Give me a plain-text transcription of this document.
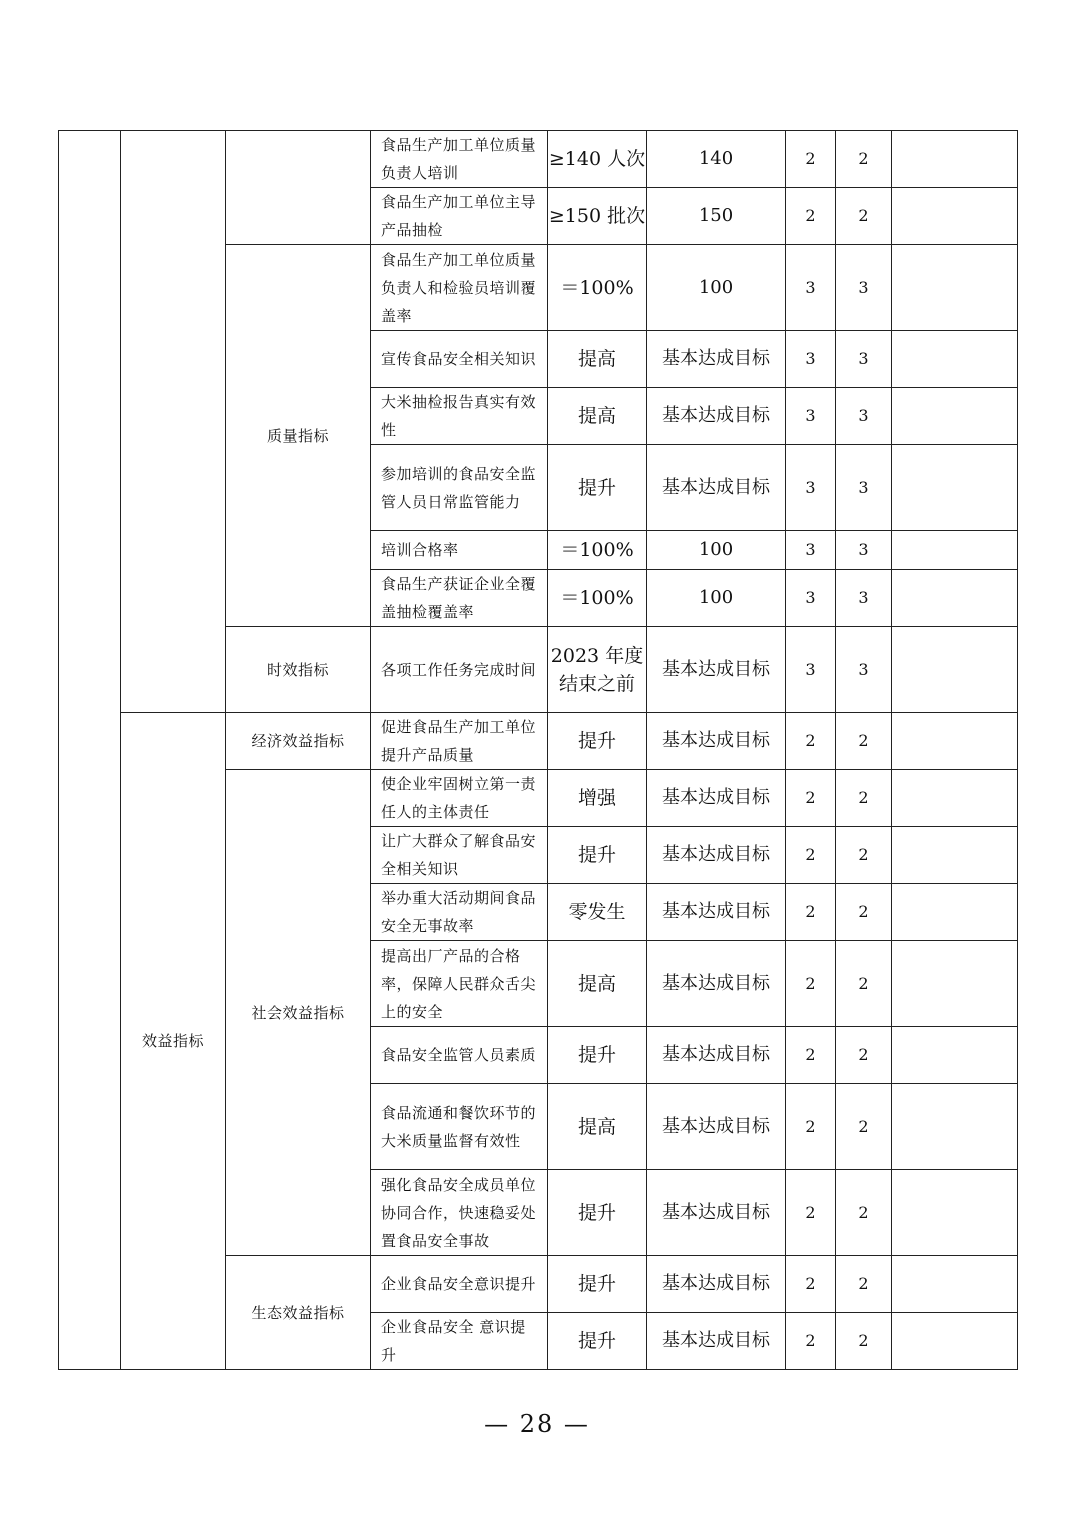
			食品生产加工单位质量负责人培训	≥140 人次	140	2	2	
			食品生产加工单位主导产品抽检	≥150 批次	150	2	2	
		质量指标	食品生产加工单位质量负责人和检验员培训覆盖率	＝100%	100	3	3	
			宣传食品安全相关知识	提高	基本达成目标	3	3	
			大米抽检报告真实有效性	提高	基本达成目标	3	3	
			参加培训的食品安全监管人员日常监管能力	提升	基本达成目标	3	3	
			培训合格率	＝100%	100	3	3	
			食品生产获证企业全覆盖抽检覆盖率	＝100%	100	3	3	
		时效指标	各项工作任务完成时间	2023 年度结束之前	基本达成目标	3	3	
	效益指标	经济效益指标	促进食品生产加工单位提升产品质量	提升	基本达成目标	2	2	
		社会效益指标	使企业牢固树立第一责任人的主体责任	增强	基本达成目标	2	2	
			让广大群众了解食品安全相关知识	提升	基本达成目标	2	2	
			举办重大活动期间食品安全无事故率	零发生	基本达成目标	2	2	
			提高出厂产品的合格率，保障人民群众舌尖上的安全	提高	基本达成目标	2	2	
			食品安全监管人员素质	提升	基本达成目标	2	2	
			食品流通和餐饮环节的大米质量监督有效性	提高	基本达成目标	2	2	
			强化食品安全成员单位协同合作，快速稳妥处置食品安全事故	提升	基本达成目标	2	2	
		生态效益指标	企业食品安全意识提升	提升	基本达成目标	2	2	
			企业食品安全 意识提升	提升	基本达成目标	2	2	
— 28 —
